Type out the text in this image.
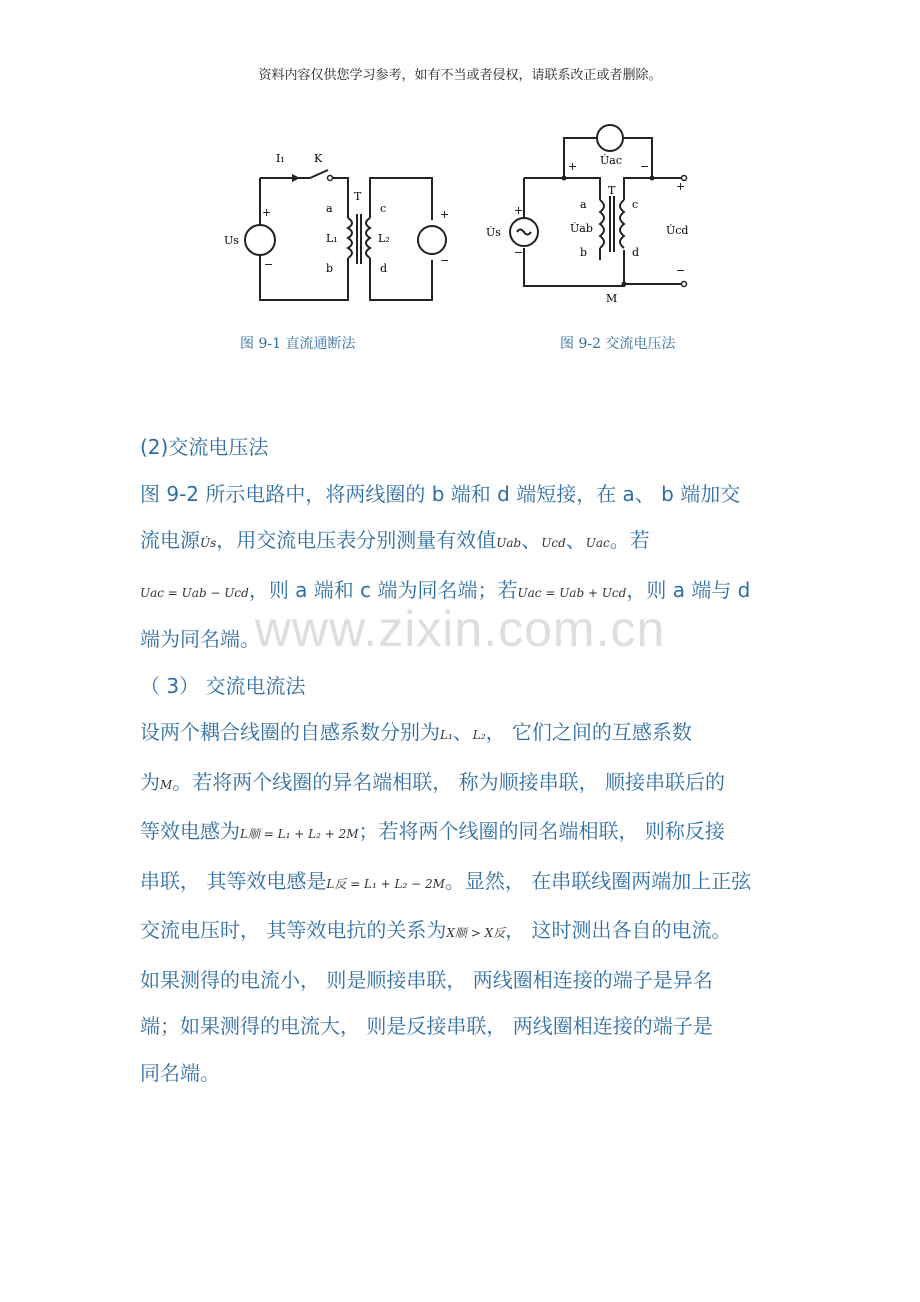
资料内容仅供您学习参考，如有不当或者侵权，请联系改正或者删除。
I₁	K
T
a
L₁
b
c
L₂
d
Us
+
−
+
−
图 9-1 直流通断法
U̇ac
+	−
T
a
U̇ab
b
c
d
U̇cd
+
−
U̇s
+
−
M
图 9-2 交流电压法
www.zixin.com.cn

(2)交流电压法

图 9-2 所示电路中，将两线圈的 b 端和 d 端短接，在 a、 b 端加交
流电源U̇s，用交流电压表分别测量有效值Uab、Ucd、Uac。若
Uac = Uab − Ucd，则 a 端和 c 端为同名端；若Uac = Uab + Ucd，则 a 端与 d
端为同名端。

（ 3） 交流电流法

设两个耦合线圈的自感系数分别为L₁、L₂， 它们之间的互感系数
为M。若将两个线圈的异名端相联， 称为顺接串联， 顺接串联后的
等效电感为L顺 = L₁ + L₂ + 2M；若将两个线圈的同名端相联， 则称反接
串联， 其等效电感是L反 = L₁ + L₂ − 2M。显然， 在串联线圈两端加上正弦
交流电压时， 其等效电抗的关系为X顺 > X反， 这时测出各自的电流。
如果测得的电流小， 则是顺接串联， 两线圈相连接的端子是异名
端；如果测得的电流大， 则是反接串联， 两线圈相连接的端子是
同名端。
